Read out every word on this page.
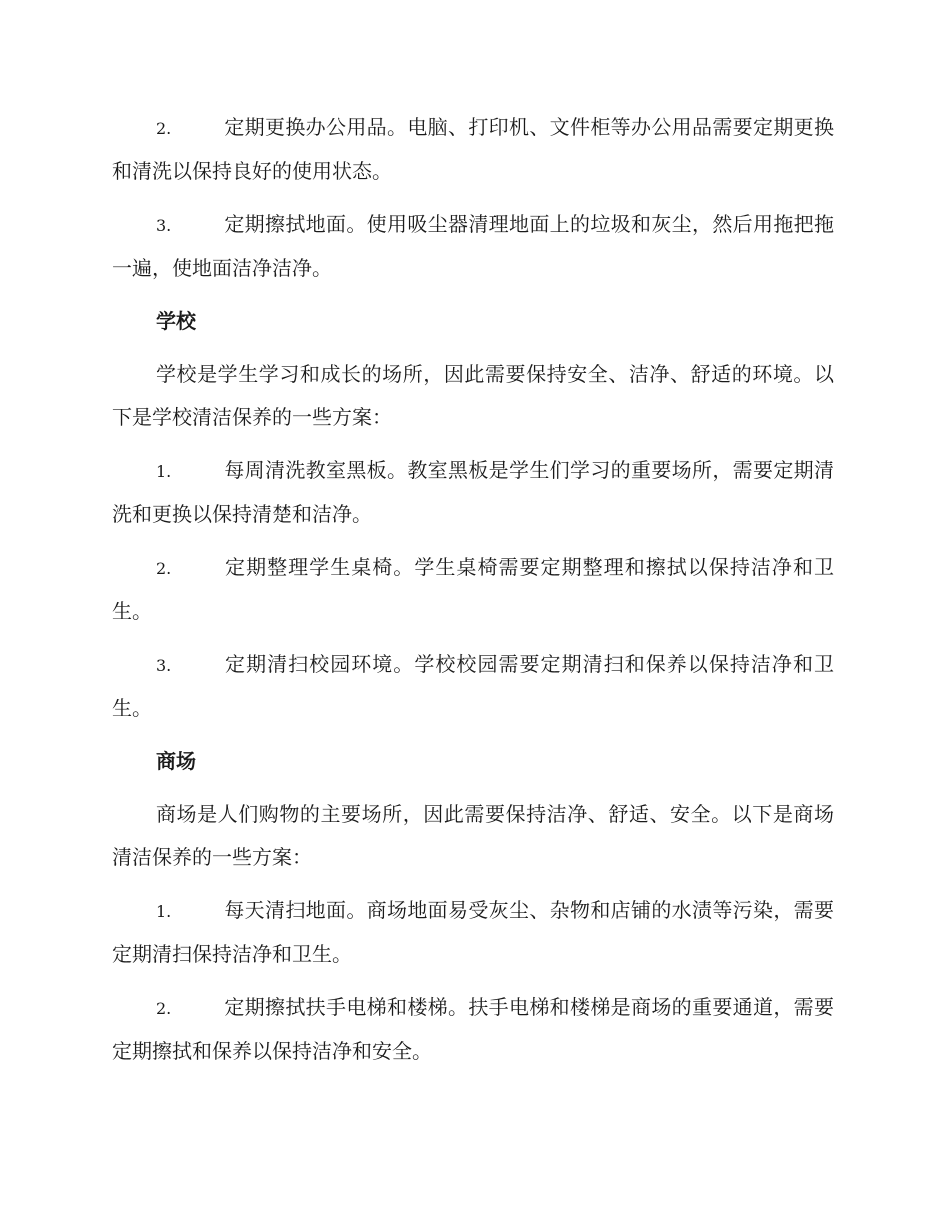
2.	定期更换办公用品。电脑、打印机、文件柜等办公用品需要定期更换和清洗以保持良好的使用状态。

3.	定期擦拭地面。使用吸尘器清理地面上的垃圾和灰尘，然后用拖把拖一遍，使地面洁净洁净。

学校

学校是学生学习和成长的场所，因此需要保持安全、洁净、舒适的环境。以下是学校清洁保养的一些方案：

1.	每周清洗教室黑板。教室黑板是学生们学习的重要场所，需要定期清洗和更换以保持清楚和洁净。

2.	定期整理学生桌椅。学生桌椅需要定期整理和擦拭以保持洁净和卫生。

3.	定期清扫校园环境。学校校园需要定期清扫和保养以保持洁净和卫生。

商场

商场是人们购物的主要场所，因此需要保持洁净、舒适、安全。以下是商场清洁保养的一些方案：

1.	每天清扫地面。商场地面易受灰尘、杂物和店铺的水渍等污染，需要定期清扫保持洁净和卫生。

2.	定期擦拭扶手电梯和楼梯。扶手电梯和楼梯是商场的重要通道，需要定期擦拭和保养以保持洁净和安全。
